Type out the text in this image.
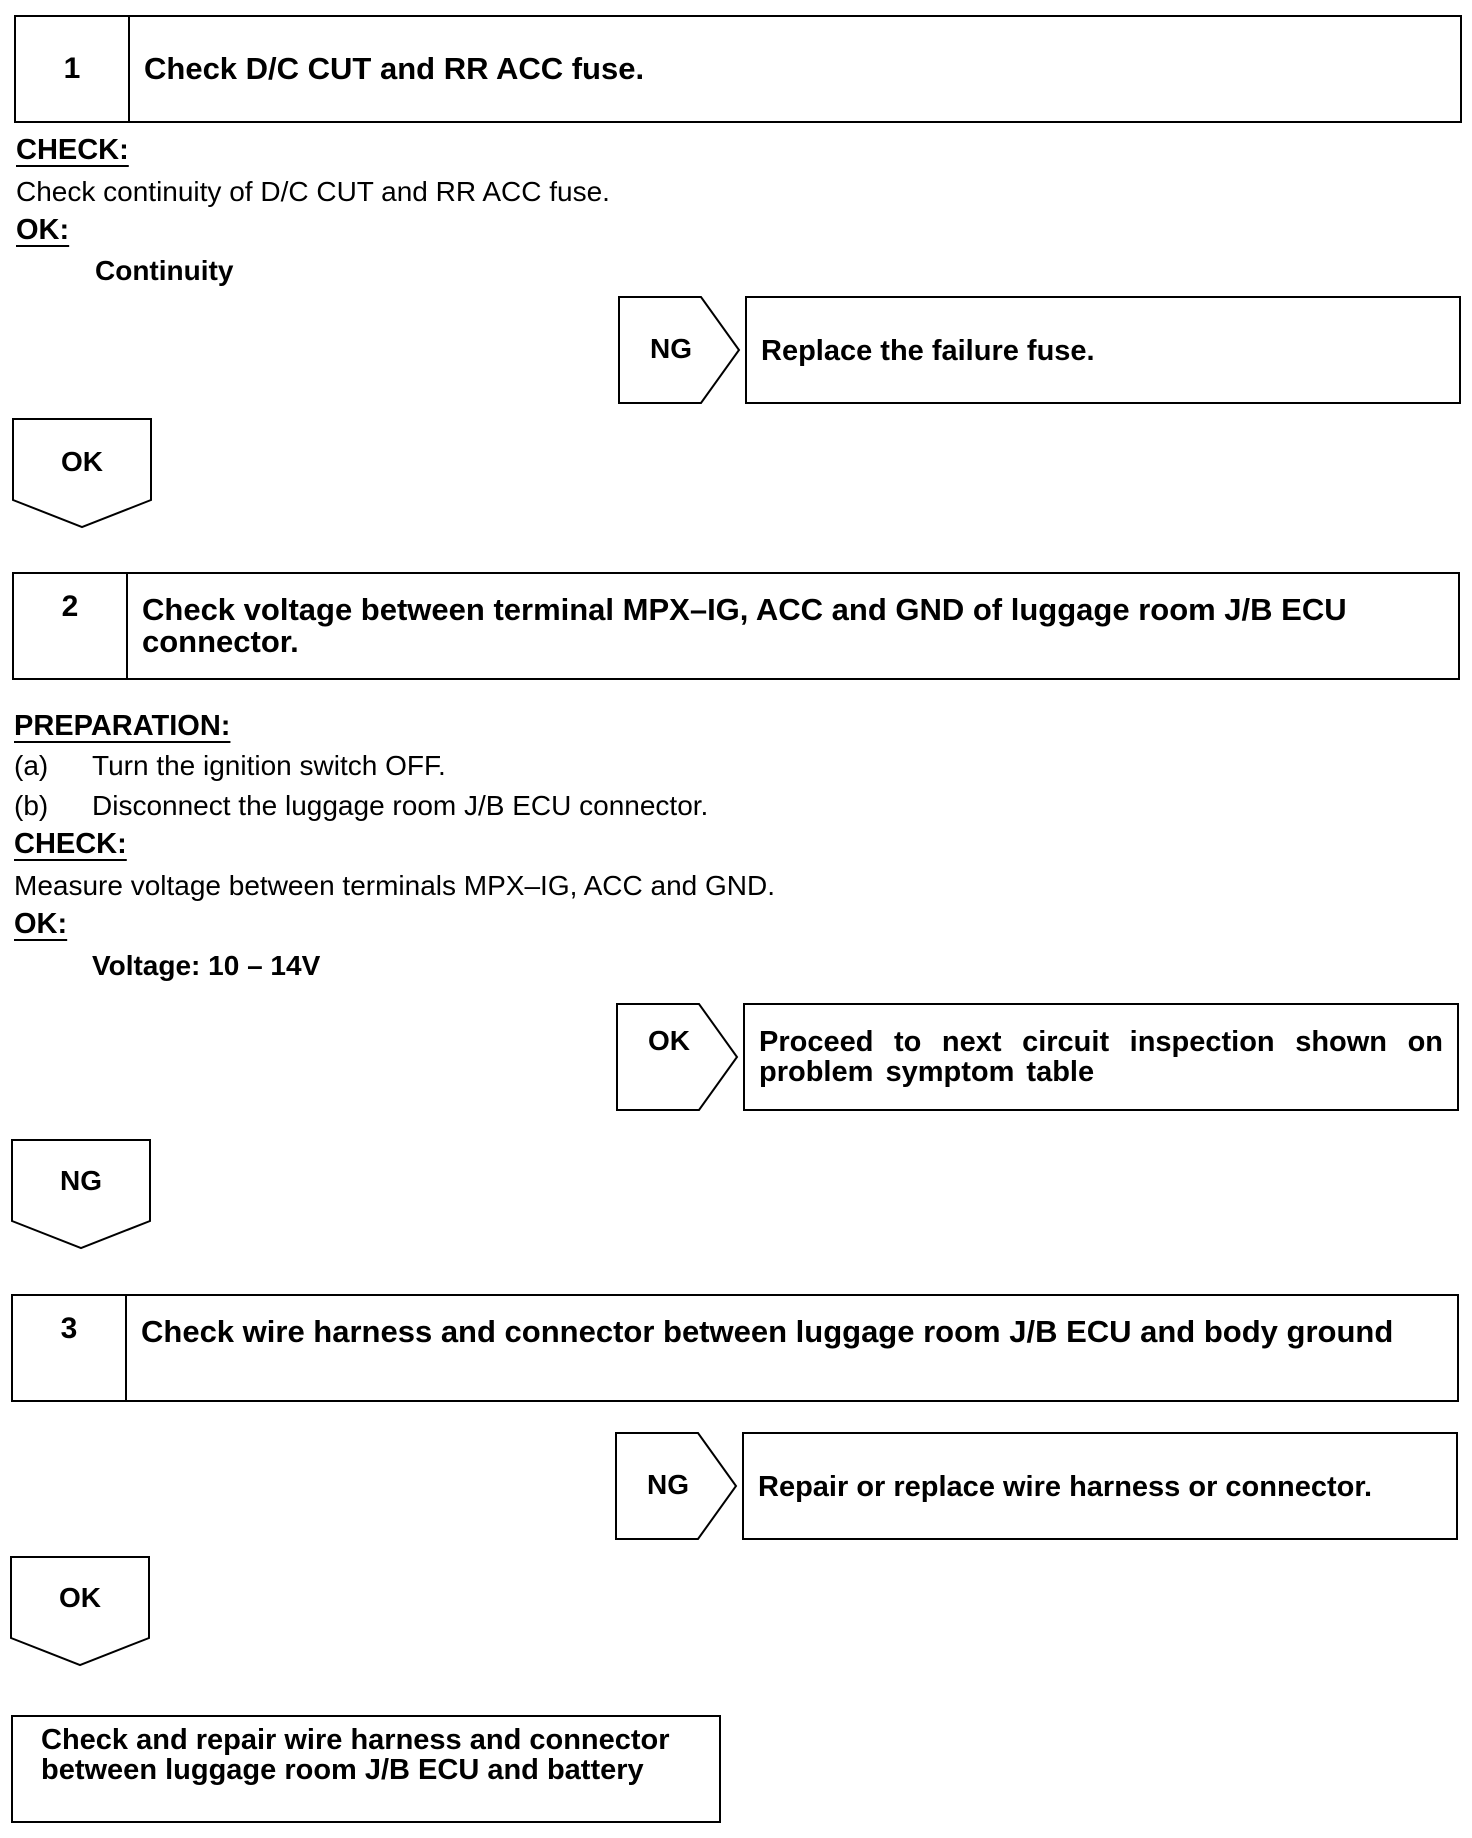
1	Check D/C CUT and RR ACC fuse.
CHECK:
Check continuity of D/C CUT and RR ACC fuse.
OK:
Continuity
NG	Replace the failure fuse.
OK
2	Check voltage between terminal MPX–IG, ACC and GND of luggage room J/B ECU connector.
PREPARATION:
(a) Turn the ignition switch OFF.
(b) Disconnect the luggage room J/B ECU connector.
CHECK:
Measure voltage between terminals MPX–IG, ACC and GND.
OK:
Voltage: 10 – 14V
OK	Proceed to next circuit inspection shown on problem symptom table
NG
3	Check wire harness and connector between luggage room J/B ECU and body ground
NG	Repair or replace wire harness or connector.
OK
Check and repair wire harness and connector between luggage room J/B ECU and battery
